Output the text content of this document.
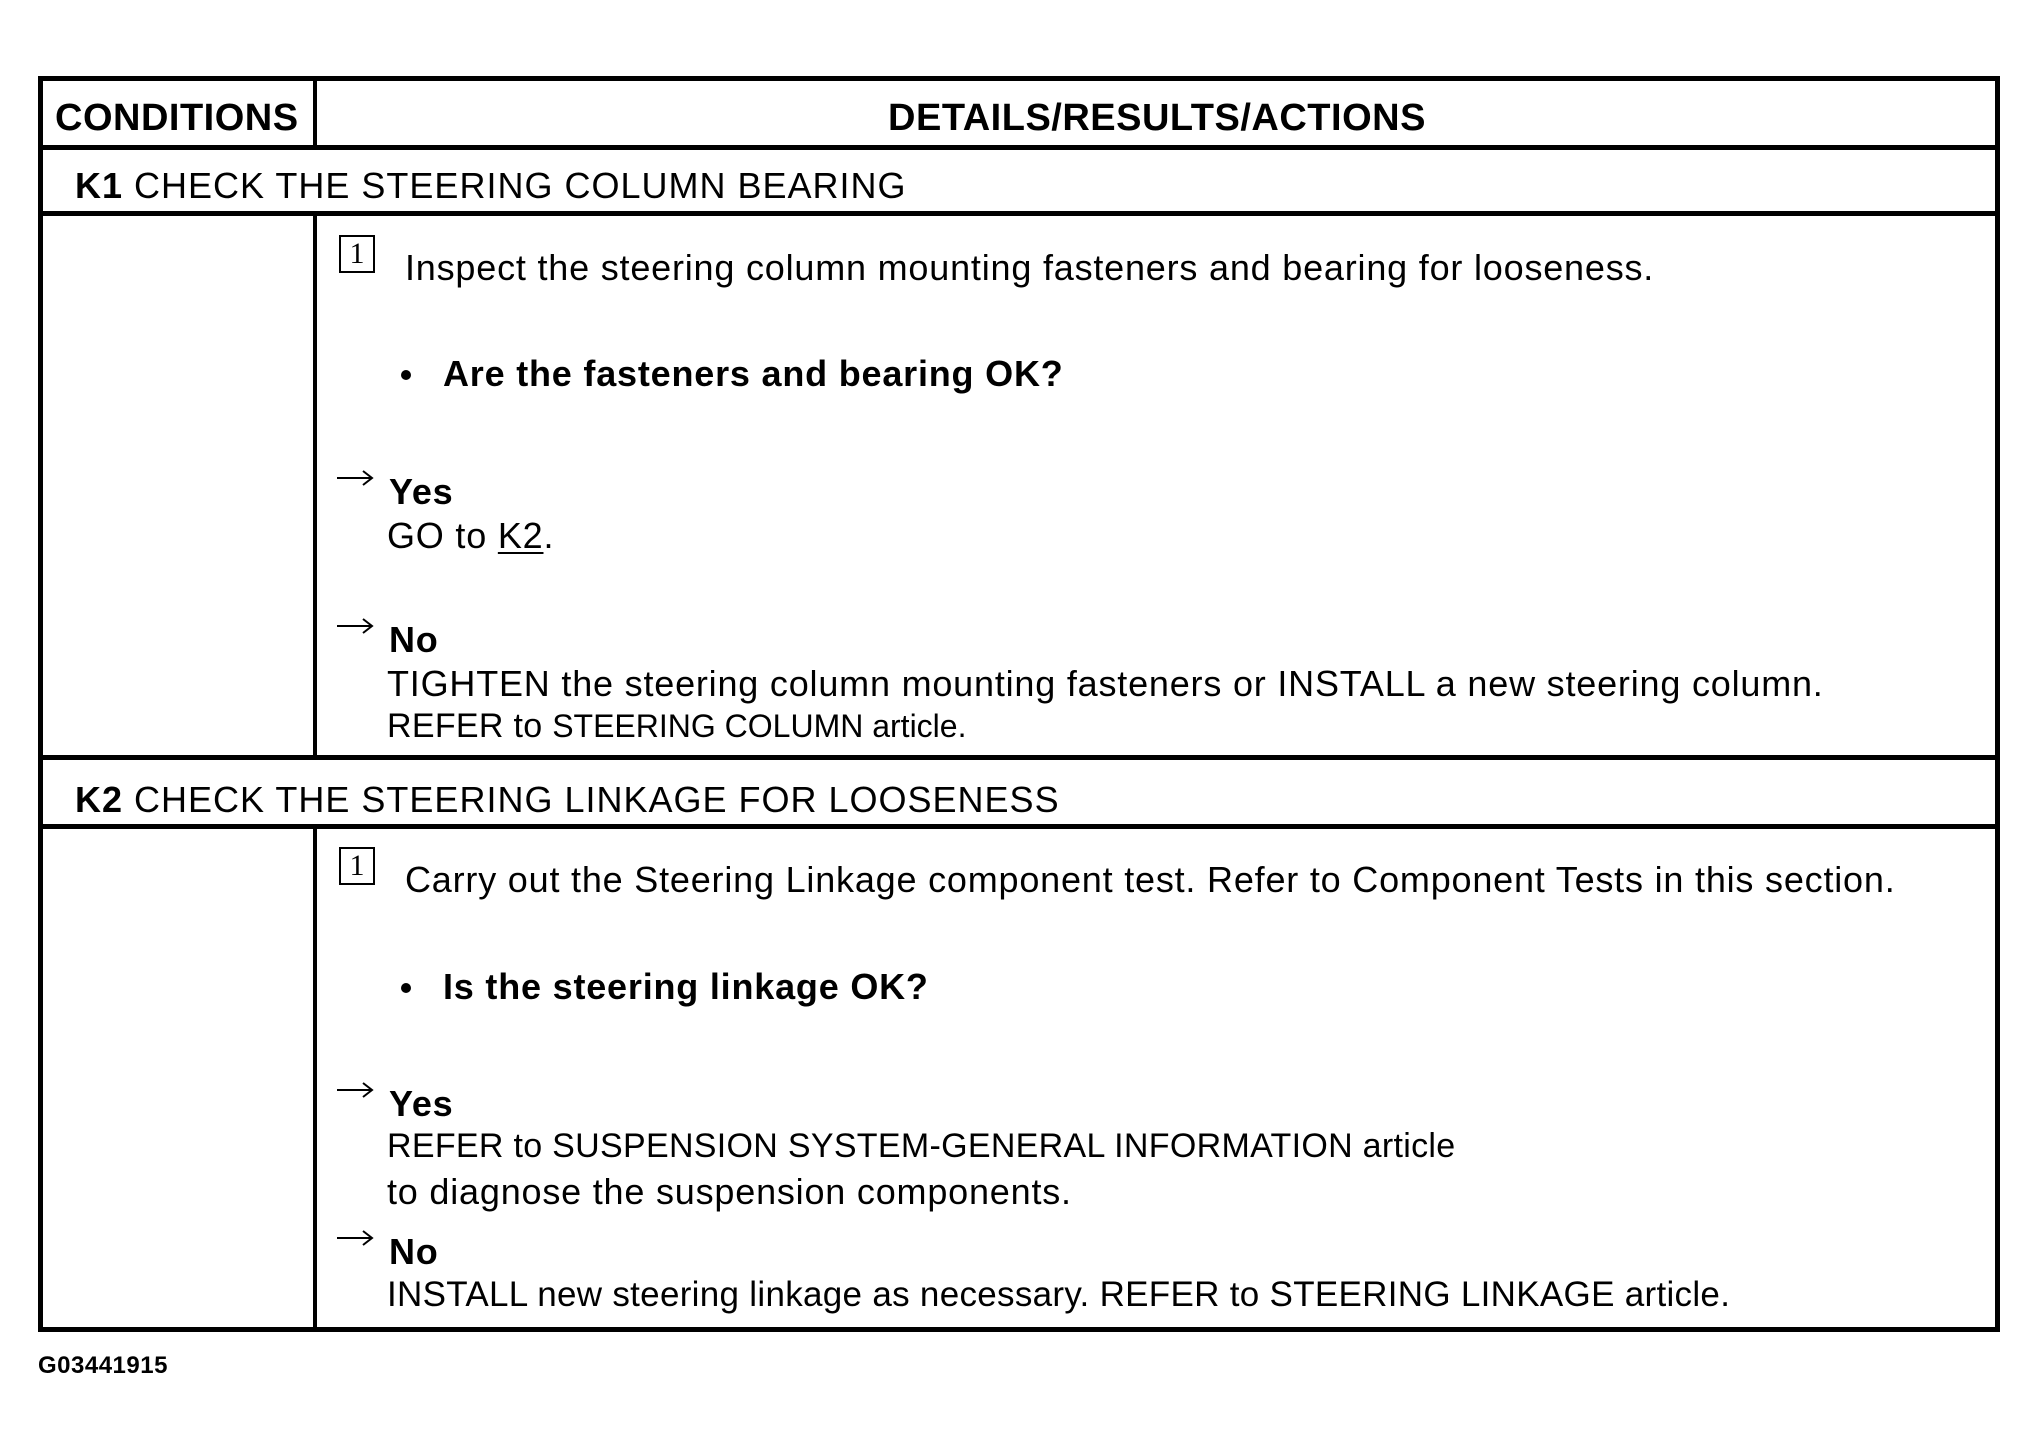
CONDITIONS	DETAILS/RESULTS/ACTIONS
K1 CHECK THE STEERING COLUMN BEARING
1 Inspect the steering column mounting fasteners and bearing for looseness.
Are the fasteners and bearing OK?
Yes
GO to K2.
No
TIGHTEN the steering column mounting fasteners or INSTALL a new steering column.
REFER to STEERING COLUMN article.
K2 CHECK THE STEERING LINKAGE FOR LOOSENESS
1 Carry out the Steering Linkage component test. Refer to Component Tests in this section.
Is the steering linkage OK?
Yes
REFER to SUSPENSION SYSTEM-GENERAL INFORMATION article
to diagnose the suspension components.
No
INSTALL new steering linkage as necessary. REFER to STEERING LINKAGE article.
G03441915
